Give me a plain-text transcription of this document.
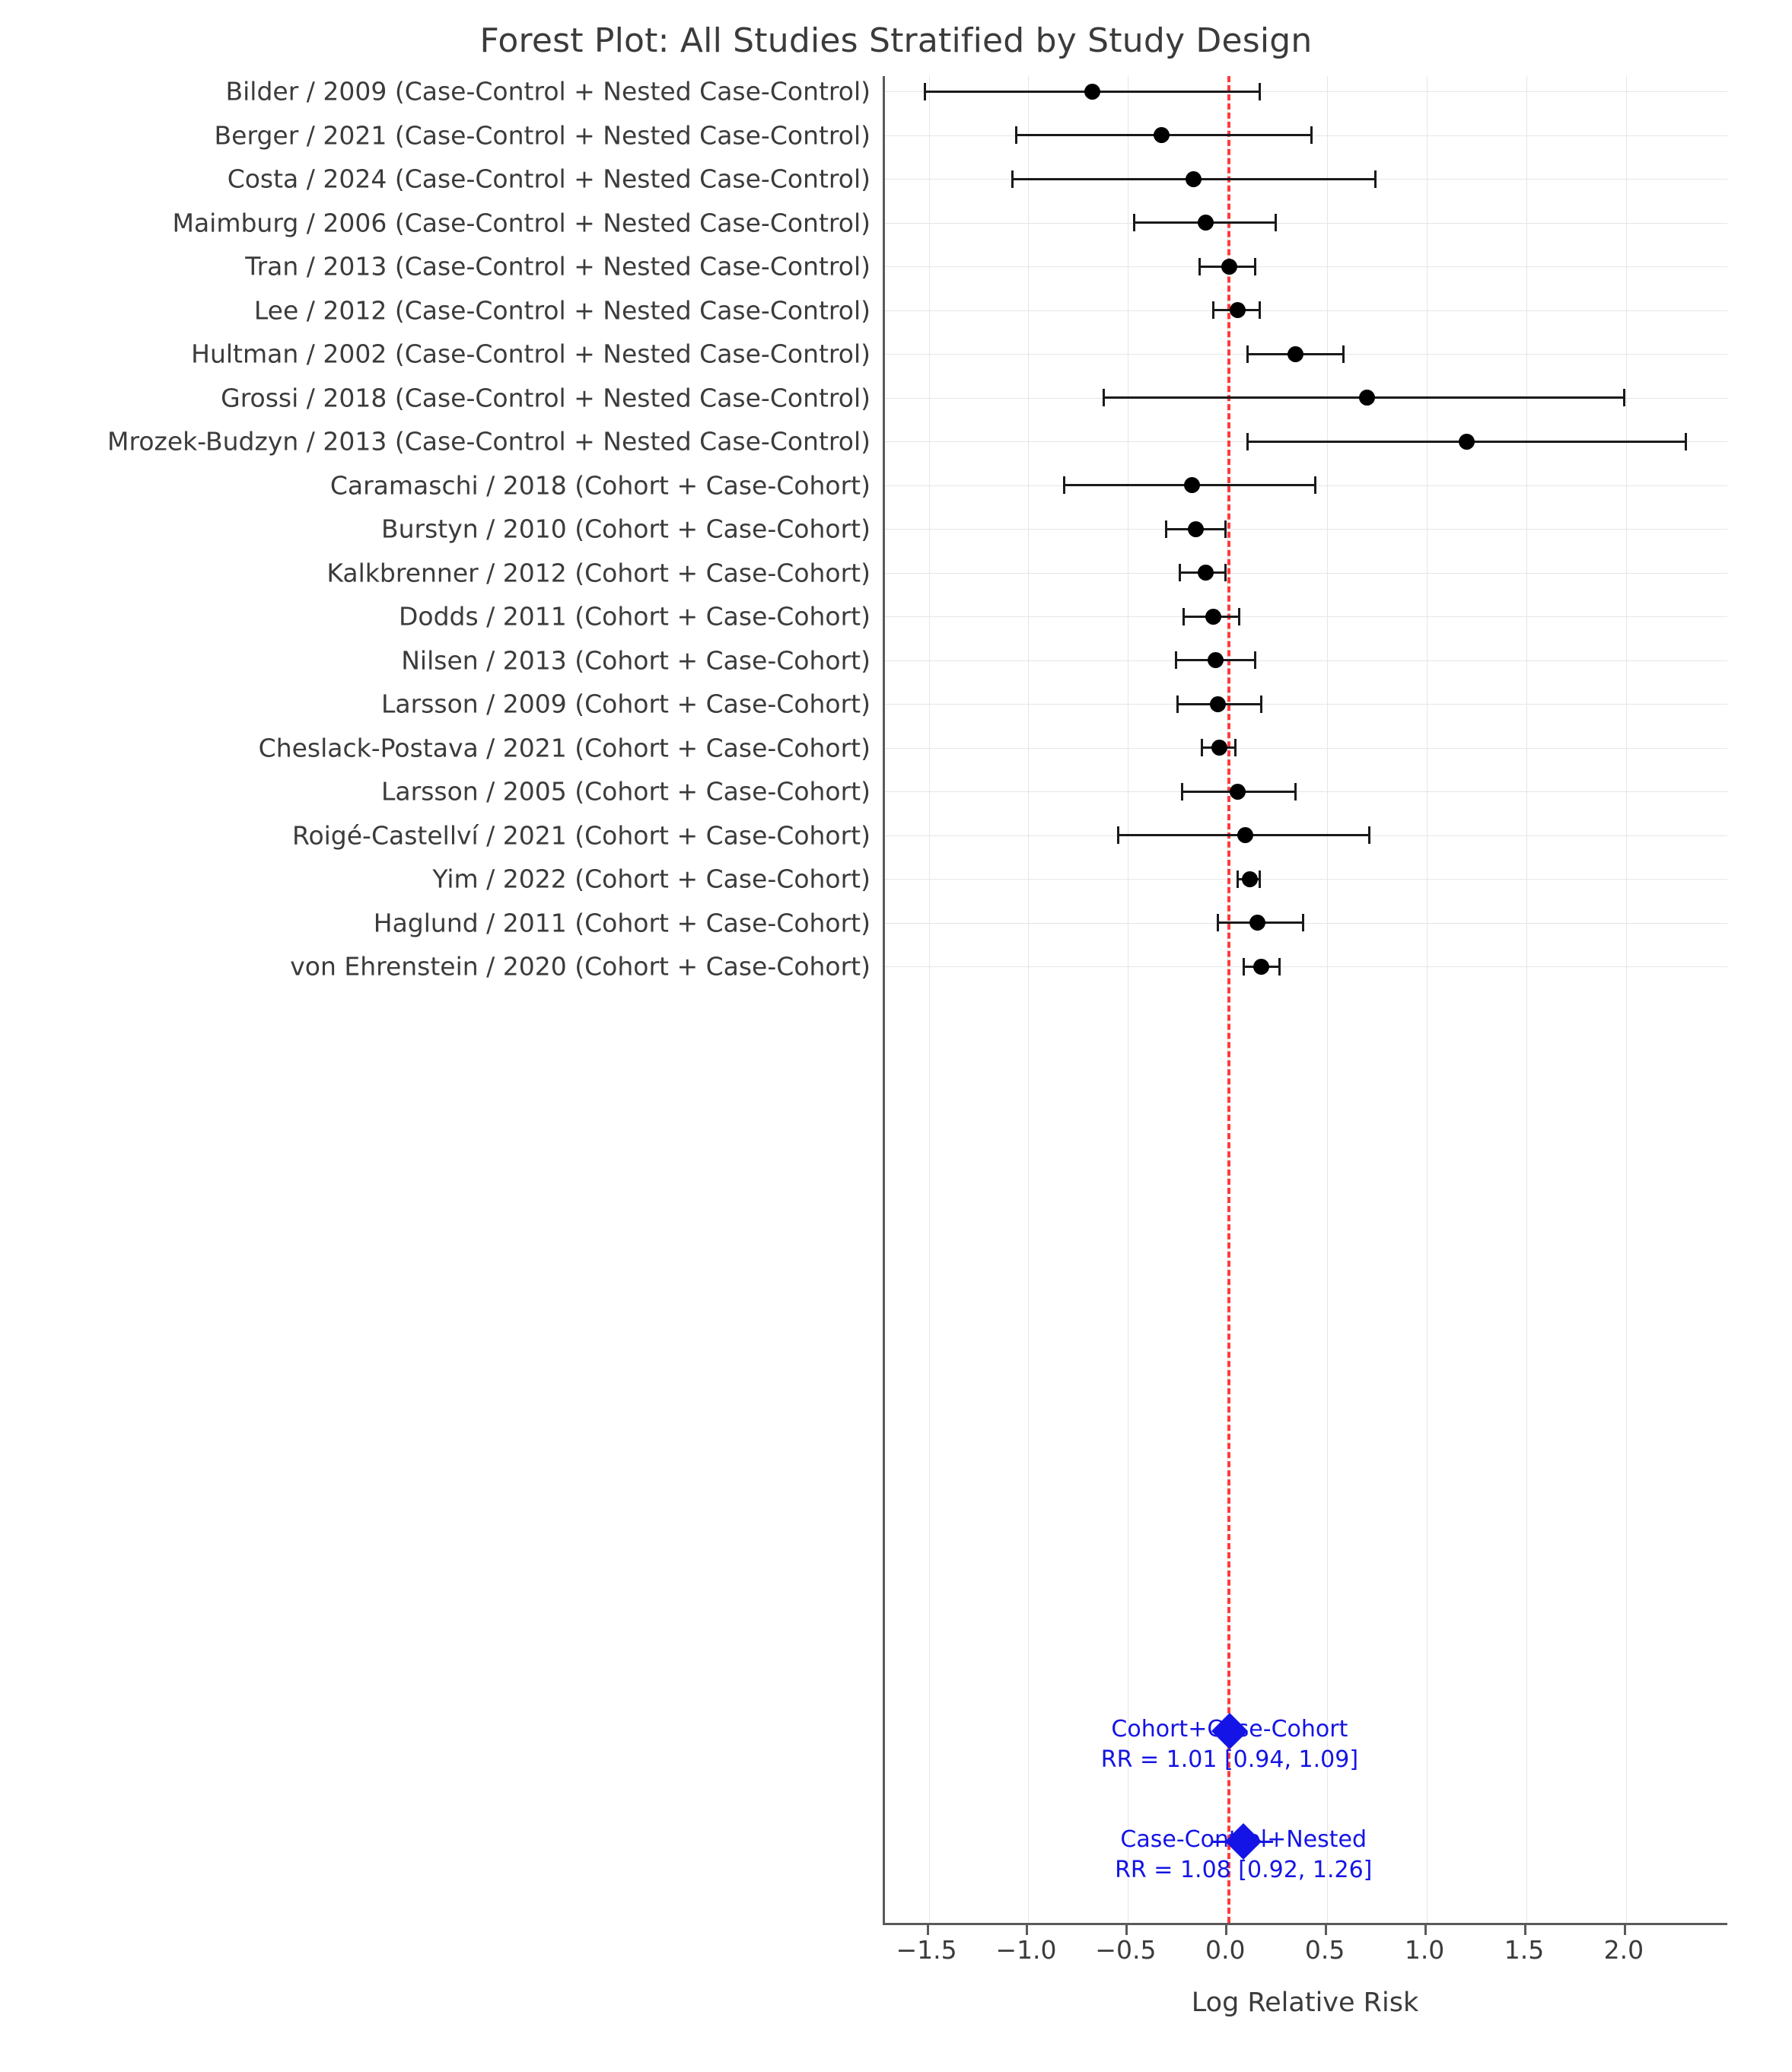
Forest Plot: All Studies Stratified by Study Design
Cohort+Case-Cohort
RR = 1.01 [0.94, 1.09]
Case-Control+Nested
RR = 1.08 [0.92, 1.26]
Bilder / 2009 (Case-Control + Nested Case-Control)
Berger / 2021 (Case-Control + Nested Case-Control)
Costa / 2024 (Case-Control + Nested Case-Control)
Maimburg / 2006 (Case-Control + Nested Case-Control)
Tran / 2013 (Case-Control + Nested Case-Control)
Lee / 2012 (Case-Control + Nested Case-Control)
Hultman / 2002 (Case-Control + Nested Case-Control)
Grossi / 2018 (Case-Control + Nested Case-Control)
Mrozek-Budzyn / 2013 (Case-Control + Nested Case-Control)
Caramaschi / 2018 (Cohort + Case-Cohort)
Burstyn / 2010 (Cohort + Case-Cohort)
Kalkbrenner / 2012 (Cohort + Case-Cohort)
Dodds / 2011 (Cohort + Case-Cohort)
Nilsen / 2013 (Cohort + Case-Cohort)
Larsson / 2009 (Cohort + Case-Cohort)
Cheslack-Postava / 2021 (Cohort + Case-Cohort)
Larsson / 2005 (Cohort + Case-Cohort)
Roigé-Castellví / 2021 (Cohort + Case-Cohort)
Yim / 2022 (Cohort + Case-Cohort)
Haglund / 2011 (Cohort + Case-Cohort)
von Ehrenstein / 2020 (Cohort + Case-Cohort)
−1.5 −1.0 −0.5 0.0 0.5 1.0 1.5 2.0
Log Relative Risk
